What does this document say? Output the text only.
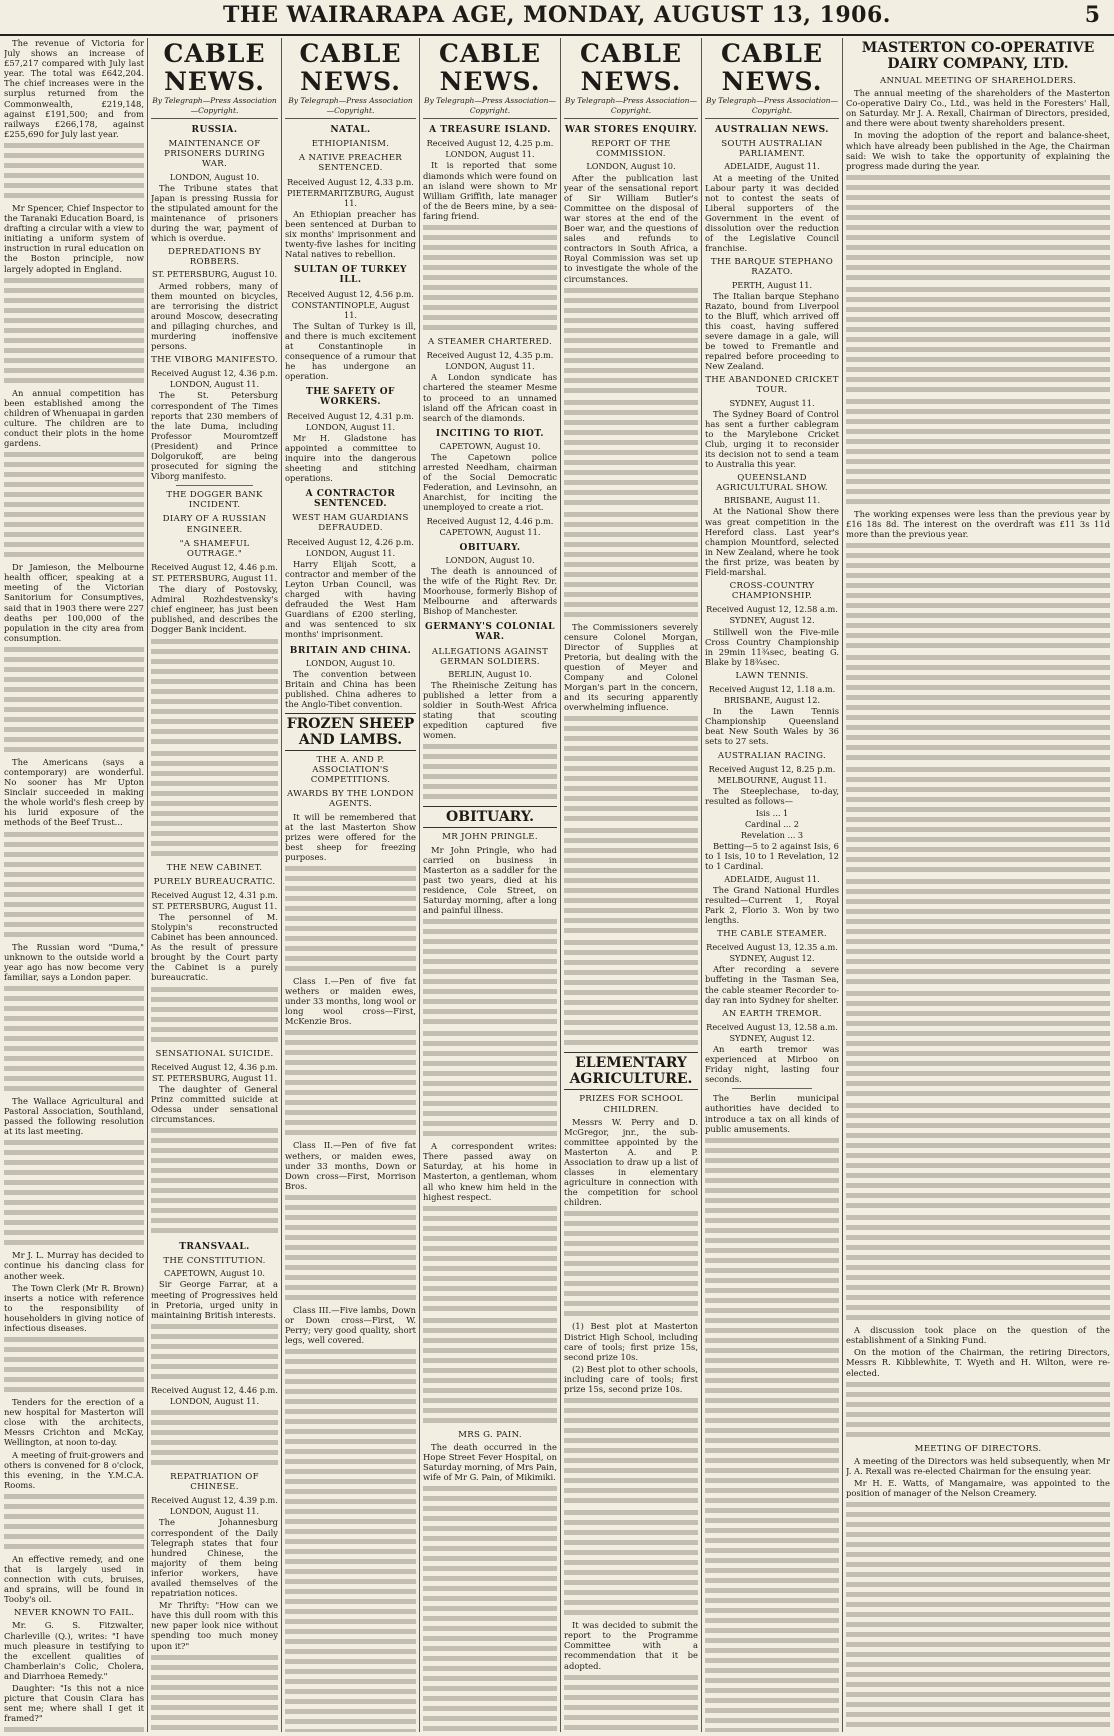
THE WAIRARAPA AGE, MONDAY, AUGUST 13, 1906.	5

The revenue of Victoria for July shows an increase of £57,217 compared with July last year. The total was £642,204. The chief increases were in the surplus returned from the Commonwealth, £219,148, against £191,500; and from railways £266,178, against £255,690 for July last year.

Mr Spencer, Chief Inspector to the Taranaki Education Board, is drafting a circular with a view to initiating a uniform system of instruction in rural education on the Boston principle, now largely adopted in England.

An annual competition has been established among the children of Whenuapai in garden culture. The children are to conduct their plots in the home gardens.

Dr Jamieson, the Melbourne health officer, speaking at a meeting of the Victorian Sanitorium for Consumptives, said that in 1903 there were 227 deaths per 100,000 of the population in the city area from consumption.

The Americans (says a contemporary) are wonderful. No sooner has Mr Upton Sinclair succeeded in making the whole world's flesh creep by his lurid exposure of the methods of the Beef Trust...

The Russian word "Duma," unknown to the outside world a year ago has now become very familiar, says a London paper.

The Wallace Agricultural and Pastoral Association, Southland, passed the following resolution at its last meeting.

Mr J. L. Murray has decided to continue his dancing class for another week.

The Town Clerk (Mr R. Brown) inserts a notice with reference to the responsibility of householders in giving notice of infectious diseases.

Tenders for the erection of a new hospital for Masterton will close with the architects, Messrs Crichton and McKay, Wellington, at noon to-day.

A meeting of fruit-growers and others is convened for 8 o'clock, this evening, in the Y.M.C.A. Rooms.

An effective remedy, and one that is largely used in connection with cuts, bruises, and sprains, will be found in Tooby's oil.

NEVER KNOWN TO FAIL.

Mr. G. S. Fitzwalter, Charleville (Q.), writes: "I have much pleasure in testifying to the excellent qualities of Chamberlain's Colic, Cholera, and Diarrhoea Remedy."

Daughter: "Is this not a nice picture that Cousin Clara has sent me; where shall I get it framed?"

CABLE NEWS.
By Telegraph—Press Association—Copyright.
RUSSIA.
MAINTENANCE OF PRISONERS DURING WAR.
LONDON, August 10.

The Tribune states that Japan is pressing Russia for the stipulated amount for the maintenance of prisoners during the war, payment of which is overdue.

DEPREDATIONS BY ROBBERS.
ST. PETERSBURG, August 10.

Armed robbers, many of them mounted on bicycles, are terrorising the district around Moscow, desecrating and pillaging churches, and murdering inoffensive persons.

THE VIBORG MANIFESTO.
Received August 12, 4.36 p.m.
LONDON, August 11.

The St. Petersburg correspondent of The Times reports that 230 members of the late Duma, including Professor Mouromtzeff (President) and Prince Dolgorukoff, are being prosecuted for signing the Viborg manifesto.

THE DOGGER BANK INCIDENT.
DIARY OF A RUSSIAN ENGINEER.
"A SHAMEFUL OUTRAGE."
Received August 12, 4.46 p.m.
ST. PETERSBURG, August 11.

The diary of Postovsky, Admiral Rozhdestvensky's chief engineer, has just been published, and describes the Dogger Bank incident.

THE NEW CABINET.
PURELY BUREAUCRATIC.
Received August 12, 4.31 p.m.
ST. PETERSBURG, August 11.

The personnel of M. Stolypin's reconstructed Cabinet has been announced. As the result of pressure brought by the Court party the Cabinet is a purely bureaucratic.

SENSATIONAL SUICIDE.
Received August 12, 4.36 p.m.
ST. PETERSBURG, August 11.

The daughter of General Prinz committed suicide at Odessa under sensational circumstances.

TRANSVAAL.
THE CONSTITUTION.
CAPETOWN, August 10.

Sir George Farrar, at a meeting of Progressives held in Pretoria, urged unity in maintaining British interests.

Received August 12, 4.46 p.m.
LONDON, August 11.
REPATRIATION OF CHINESE.
Received August 12, 4.39 p.m.
LONDON, August 11.

The Johannesburg correspondent of the Daily Telegraph states that four hundred Chinese, the majority of them being inferior workers, have availed themselves of the repatriation notices.

Mr Thrifty: "How can we have this dull room with this new paper look nice without spending too much money upon it?"

CABLE NEWS.
By Telegraph—Press Association—Copyright.
NATAL.
ETHIOPIANISM.
A NATIVE PREACHER SENTENCED.
Received August 12, 4.33 p.m.
PIETERMARITZBURG, August 11.

An Ethiopian preacher has been sentenced at Durban to six months' imprisonment and twenty-five lashes for inciting Natal natives to rebellion.

SULTAN OF TURKEY ILL.
Received August 12, 4.56 p.m.
CONSTANTINOPLE, August 11.

The Sultan of Turkey is ill, and there is much excitement at Constantinople in consequence of a rumour that he has undergone an operation.

THE SAFETY OF WORKERS.
Received August 12, 4.31 p.m.
LONDON, August 11.

Mr H. Gladstone has appointed a committee to inquire into the dangerous sheeting and stitching operations.

A CONTRACTOR SENTENCED.
WEST HAM GUARDIANS DEFRAUDED.
Received August 12, 4.26 p.m.
LONDON, August 11.

Harry Elijah Scott, a contractor and member of the Leyton Urban Council, was charged with having defrauded the West Ham Guardians of £200 sterling, and was sentenced to six months' imprisonment.

BRITAIN AND CHINA.
LONDON, August 10.

The convention between Britain and China has been published. China adheres to the Anglo-Tibet convention.

FROZEN SHEEP AND LAMBS.
THE A. AND P. ASSOCIATION'S COMPETITIONS.
AWARDS BY THE LONDON AGENTS.

It will be remembered that at the last Masterton Show prizes were offered for the best sheep for freezing purposes.

Class I.—Pen of five fat wethers or maiden ewes, under 33 months, long wool or long wool cross—First, McKenzie Bros.

Class II.—Pen of five fat wethers, or maiden ewes, under 33 months, Down or Down cross—First, Morrison Bros.

Class III.—Five lambs, Down or Down cross—First, W. Perry; very good quality, short legs, well covered.

CABLE NEWS.
By Telegraph—Press Association—Copyright.
A TREASURE ISLAND.
Received August 12, 4.25 p.m.
LONDON, August 11.

It is reported that some diamonds which were found on an island were shown to Mr William Griffith, late manager of the de Beers mine, by a sea-faring friend.

A STEAMER CHARTERED.
Received August 12, 4.35 p.m.
LONDON, August 11.

A London syndicate has chartered the steamer Mesme to proceed to an unnamed island off the African coast in search of the diamonds.

INCITING TO RIOT.
CAPETOWN, August 10.

The Capetown police arrested Needham, chairman of the Social Democratic Federation, and Levinsohn, an Anarchist, for inciting the unemployed to create a riot.

Received August 12, 4.46 p.m.
CAPETOWN, August 11.
OBITUARY.
LONDON, August 10.

The death is announced of the wife of the Right Rev. Dr. Moorhouse, formerly Bishop of Melbourne and afterwards Bishop of Manchester.

GERMANY'S COLONIAL WAR.
ALLEGATIONS AGAINST GERMAN SOLDIERS.
BERLIN, August 10.

The Rheinische Zeitung has published a letter from a soldier in South-West Africa stating that scouting expedition captured five women.

OBITUARY.
MR JOHN PRINGLE.

Mr John Pringle, who had carried on business in Masterton as a saddler for the past two years, died at his residence, Cole Street, on Saturday morning, after a long and painful illness.

A correspondent writes: There passed away on Saturday, at his home in Masterton, a gentleman, whom all who knew him held in the highest respect.

MRS G. PAIN.

The death occurred in the Hope Street Fever Hospital, on Saturday morning, of Mrs Pain, wife of Mr G. Pain, of Mikimiki.

CABLE NEWS.
By Telegraph—Press Association—Copyright.
WAR STORES ENQUIRY.
REPORT OF THE COMMISSION.
LONDON, August 10.

After the publication last year of the sensational report of Sir William Butler's Committee on the disposal of war stores at the end of the Boer war, and the questions of sales and refunds to contractors in South Africa, a Royal Commission was set up to investigate the whole of the circumstances.

The Commissioners severely censure Colonel Morgan, Director of Supplies at Pretoria, but dealing with the question of Meyer and Company and Colonel Morgan's part in the concern, and its securing apparently overwhelming influence.

ELEMENTARY AGRICULTURE.
PRIZES FOR SCHOOL CHILDREN.

Messrs W. Perry and D. McGregor, jnr., the sub-committee appointed by the Masterton A. and P. Association to draw up a list of classes in elementary agriculture in connection with the competition for school children.

(1) Best plot at Masterton District High School, including care of tools; first prize 15s, second prize 10s.

(2) Best plot to other schools, including care of tools; first prize 15s, second prize 10s.

It was decided to submit the report to the Programme Committee with a recommendation that it be adopted.

CABLE NEWS.
By Telegraph—Press Association—Copyright.
AUSTRALIAN NEWS.
SOUTH AUSTRALIAN PARLIAMENT.
ADELAIDE, August 11.

At a meeting of the United Labour party it was decided not to contest the seats of Liberal supporters of the Government in the event of dissolution over the reduction of the Legislative Council franchise.

THE BARQUE STEPHANO RAZATO.
PERTH, August 11.

The Italian barque Stephano Razato, bound from Liverpool to the Bluff, which arrived off this coast, having suffered severe damage in a gale, will be towed to Fremantle and repaired before proceeding to New Zealand.

THE ABANDONED CRICKET TOUR.
SYDNEY, August 11.

The Sydney Board of Control has sent a further cablegram to the Marylebone Cricket Club, urging it to reconsider its decision not to send a team to Australia this year.

QUEENSLAND AGRICULTURAL SHOW.
BRISBANE, August 11.

At the National Show there was great competition in the Hereford class. Last year's champion Mountford, selected in New Zealand, where he took the first prize, was beaten by Field-marshal.

CROSS-COUNTRY CHAMPIONSHIP.
Received August 12, 12.58 a.m.
SYDNEY, August 12.

Stillwell won the Five-mile Cross Country Championship in 29min 11¾sec, beating G. Blake by 18¾sec.

LAWN TENNIS.
Received August 12, 1.18 a.m.
BRISBANE, August 12.

In the Lawn Tennis Championship Queensland beat New South Wales by 36 sets to 27 sets.

AUSTRALIAN RACING.
Received August 12, 8.25 p.m.
MELBOURNE, August 11.

The Steeplechase, to-day, resulted as follows—

Isis ... 1
Cardinal ... 2
Revelation ... 3

Betting—5 to 2 against Isis, 6 to 1 Isis, 10 to 1 Revelation, 12 to 1 Cardinal.

ADELAIDE, August 11.

The Grand National Hurdles resulted—Current 1, Royal Park 2, Florio 3. Won by two lengths.

THE CABLE STEAMER.
Received August 13, 12.35 a.m.
SYDNEY, August 12.

After recording a severe buffeting in the Tasman Sea, the cable steamer Recorder to-day ran into Sydney for shelter.

AN EARTH TREMOR.
Received August 13, 12.58 a.m.
SYDNEY, August 12.

An earth tremor was experienced at Mirboo on Friday night, lasting four seconds.

The Berlin municipal authorities have decided to introduce a tax on all kinds of public amusements.

MASTERTON CO-OPERATIVE DAIRY COMPANY, LTD.
ANNUAL MEETING OF SHAREHOLDERS.

The annual meeting of the shareholders of the Masterton Co-operative Dairy Co., Ltd., was held in the Foresters' Hall, on Saturday. Mr J. A. Rexall, Chairman of Directors, presided, and there were about twenty shareholders present.

In moving the adoption of the report and balance-sheet, which have already been published in the Age, the Chairman said: We wish to take the opportunity of explaining the progress made during the year.

The working expenses were less than the previous year by £16 18s 8d. The interest on the overdraft was £11 3s 11d more than the previous year.

A discussion took place on the question of the establishment of a Sinking Fund.

On the motion of the Chairman, the retiring Directors, Messrs R. Kibblewhite, T. Wyeth and H. Wilton, were re-elected.

MEETING OF DIRECTORS.

A meeting of the Directors was held subsequently, when Mr J. A. Rexall was re-elected Chairman for the ensuing year.

Mr H. E. Watts, of Mangamaire, was appointed to the position of manager of the Nelson Creamery.
